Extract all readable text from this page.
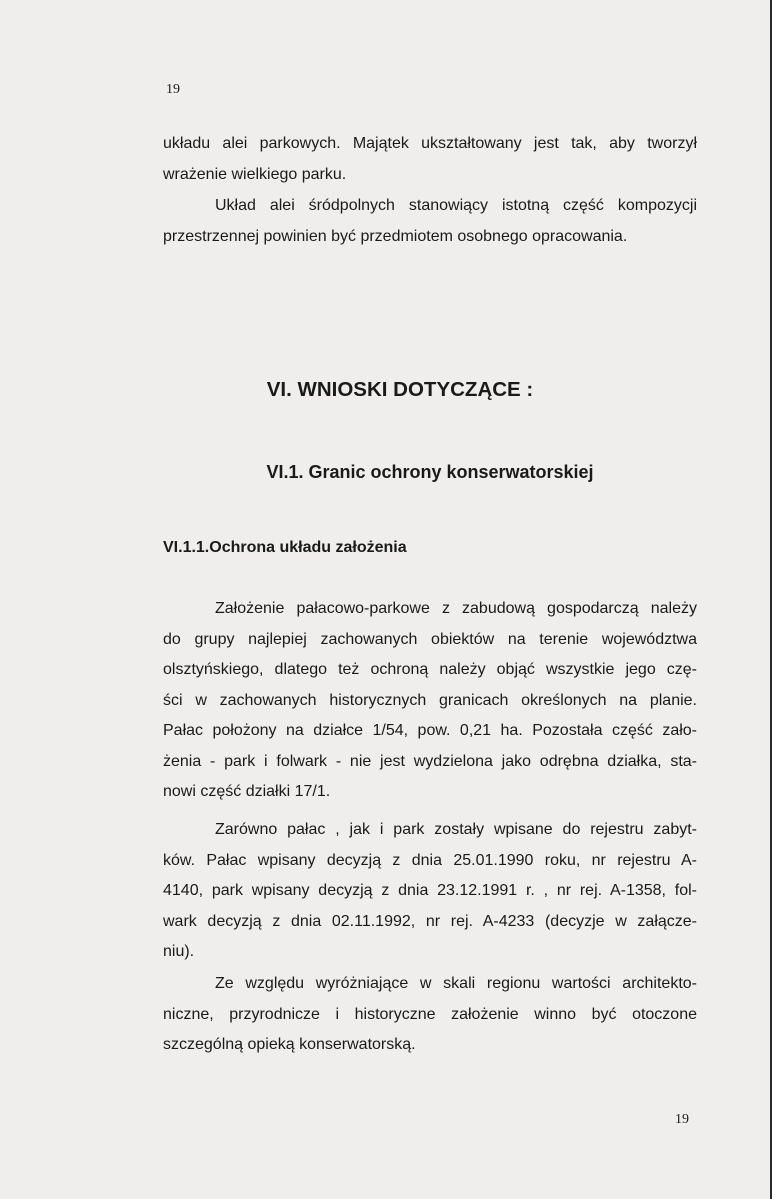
19
układu alei parkowych. Majątek ukształtowany jest tak, aby tworzył
wrażenie wielkiego parku.
Układ alei śródpolnych stanowiący istotną część kompozycji
przestrzennej powinien być przedmiotem osobnego opracowania.
VI. WNIOSKI DOTYCZĄCE :
VI.1. Granic ochrony konserwatorskiej
VI.1.1.Ochrona układu założenia
Założenie pałacowo-parkowe z zabudową gospodarczą należy
do grupy najlepiej zachowanych obiektów na terenie województwa
olsztyńskiego, dlatego też ochroną należy objąć wszystkie jego czę-
ści w zachowanych historycznych granicach określonych na planie.
Pałac położony na działce 1/54, pow. 0,21 ha. Pozostała część zało-
żenia - park i folwark - nie jest wydzielona jako odrębna działka, sta-
nowi część działki 17/1.
Zarówno pałac , jak i park zostały wpisane do rejestru zabyt-
ków. Pałac wpisany decyzją z dnia 25.01.1990 roku, nr rejestru A-
4140, park wpisany decyzją z dnia 23.12.1991 r. , nr rej. A-1358, fol-
wark decyzją z dnia 02.11.1992, nr rej. A-4233 (decyzje w załącze-
niu).
Ze względu wyróżniające w skali regionu wartości architekto-
niczne, przyrodnicze i historyczne założenie winno być otoczone
szczególną opieką konserwatorską.
19
